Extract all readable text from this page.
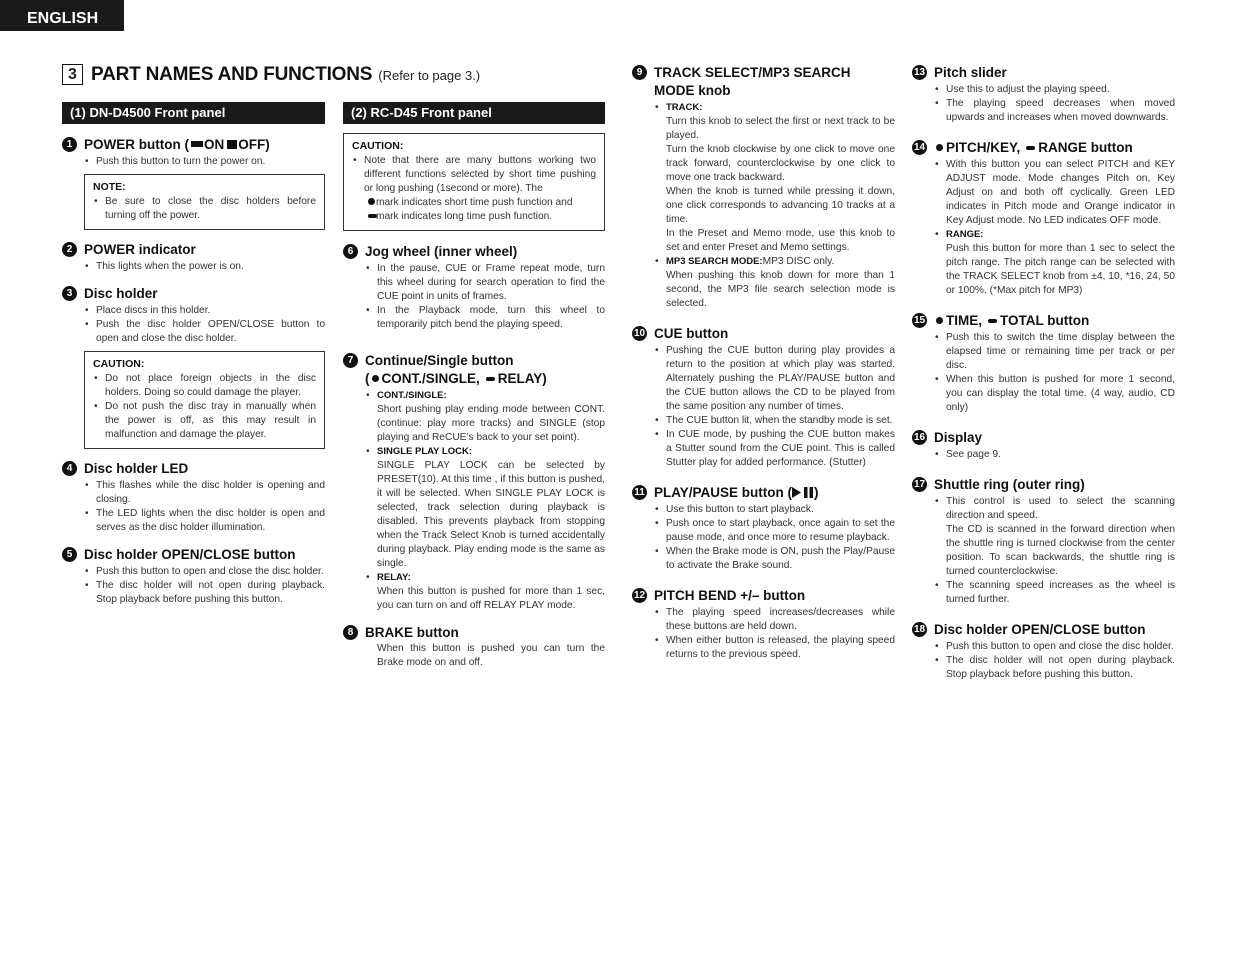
ENGLISH
3 PART NAMES AND FUNCTIONS (Refer to page 3.)
(1) DN-D4500 Front panel
1 POWER button ( ON OFF)
• Push this button to turn the power on.
NOTE:
• Be sure to close the disc holders before turning off the power.
2 POWER indicator
• This lights when the power is on.
3 Disc holder
• Place discs in this holder.
• Push the disc holder OPEN/CLOSE button to open and close the disc holder.
CAUTION:
• Do not place foreign objects in the disc holders. Doing so could damage the player.
• Do not push the disc tray in manually when the power is off, as this may result in malfunction and damage the player.
4 Disc holder LED
• This flashes while the disc holder is opening and closing.
• The LED lights when the disc holder is open and serves as the disc holder illumination.
5 Disc holder OPEN/CLOSE button
• Push this button to open and close the disc holder.
• The disc holder will not open during playback. Stop playback before pushing this button.
(2) RC-D45 Front panel
CAUTION:
• Note that there are many buttons working two different functions selected by short time pushing or long pushing (1second or more). The
mark indicates short time push function and
mark indicates long time push function.
6 Jog wheel (inner wheel)
• In the pause, CUE or Frame repeat mode, turn this wheel during for search operation to find the CUE point in units of frames.
• In the Playback mode, turn this wheel to temporarily pitch bend the playing speed.
7 Continue/Single button
( CONT./SINGLE, RELAY)
• CONT./SINGLE:
Short pushing play ending mode between CONT. (continue: play more tracks) and SINGLE (stop playing and ReCUE’s back to your set point).
• SINGLE PLAY LOCK:
SINGLE PLAY LOCK can be selected by PRESET(10). At this time , if this button is pushed, it will be selected. When SINGLE PLAY LOCK is selected, track selection during playback is disabled. This prevents playback from stopping when the Track Select Knob is turned accidentally during playback. Play ending mode is the same as single.
• RELAY:
When this button is pushed for more than 1 sec, you can turn on and off RELAY PLAY mode.
8 BRAKE button
When this button is pushed you can turn the Brake mode on and off.
9 TRACK SELECT/MP3 SEARCH
MODE knob
• TRACK:
Turn this knob to select the first or next track to be played.
Turn the knob clockwise by one click to move one track forward, counterclockwise by one click to move one track backward.
When the knob is turned while pressing it down, one click corresponds to advancing 10 tracks at a time.
In the Preset and Memo mode, use this knob to set and enter Preset and Memo settings.
• MP3 SEARCH MODE:MP3 DISC only.
When pushing this knob down for more than 1 second, the MP3 file search selection mode is selected.
10 CUE button
• Pushing the CUE button during play provides a return to the position at which play was started. Alternately pushing the PLAY/PAUSE button and the CUE button allows the CD to be played from the same position any number of times.
• The CUE button lit, when the standby mode is set.
• In CUE mode, by pushing the CUE button makes a Stutter sound from the CUE point. This is called Stutter play for added performance. (Stutter)
11 PLAY/PAUSE button ( )
• Use this button to start playback.
• Push once to start playback, once again to set the pause mode, and once more to resume playback.
• When the Brake mode is ON, push the Play/Pause to activate the Brake sound.
12 PITCH BEND +/– button
• The playing speed increases/decreases while these buttons are held down.
• When either button is released, the playing speed returns to the previous speed.
13 Pitch slider
• Use this to adjust the playing speed.
• The playing speed decreases when moved upwards and increases when moved downwards.
14	PITCH/KEY, RANGE button
• With this button you can select PITCH and KEY ADJUST mode. Mode changes Pitch on, Key Adjust on and both off cyclically. Green LED indicates in Pitch mode and Orange indicator in Key Adjust mode. No LED indicates OFF mode.
• RANGE:
Push this button for more than 1 sec to select the pitch range. The pitch range can be selected with the TRACK SELECT knob from ±4, 10, *16, 24, 50 or 100%. (*Max pitch for MP3)
15	TIME, TOTAL button
• Push this to switch the time display between the elapsed time or remaining time per track or per disc.
• When this button is pushed for more 1 second, you can display the total time. (4 way, audio, CD only)
16 Display
• See page 9.
17 Shuttle ring (outer ring)
• This control is used to select the scanning direction and speed.
The CD is scanned in the forward direction when the shuttle ring is turned clockwise from the center position. To scan backwards, the shuttle ring is turned counterclockwise.
• The scanning speed increases as the wheel is turned further.
18 Disc holder OPEN/CLOSE button
• Push this button to open and close the disc holder.
• The disc holder will not open during playback. Stop playback before pushing this button.
